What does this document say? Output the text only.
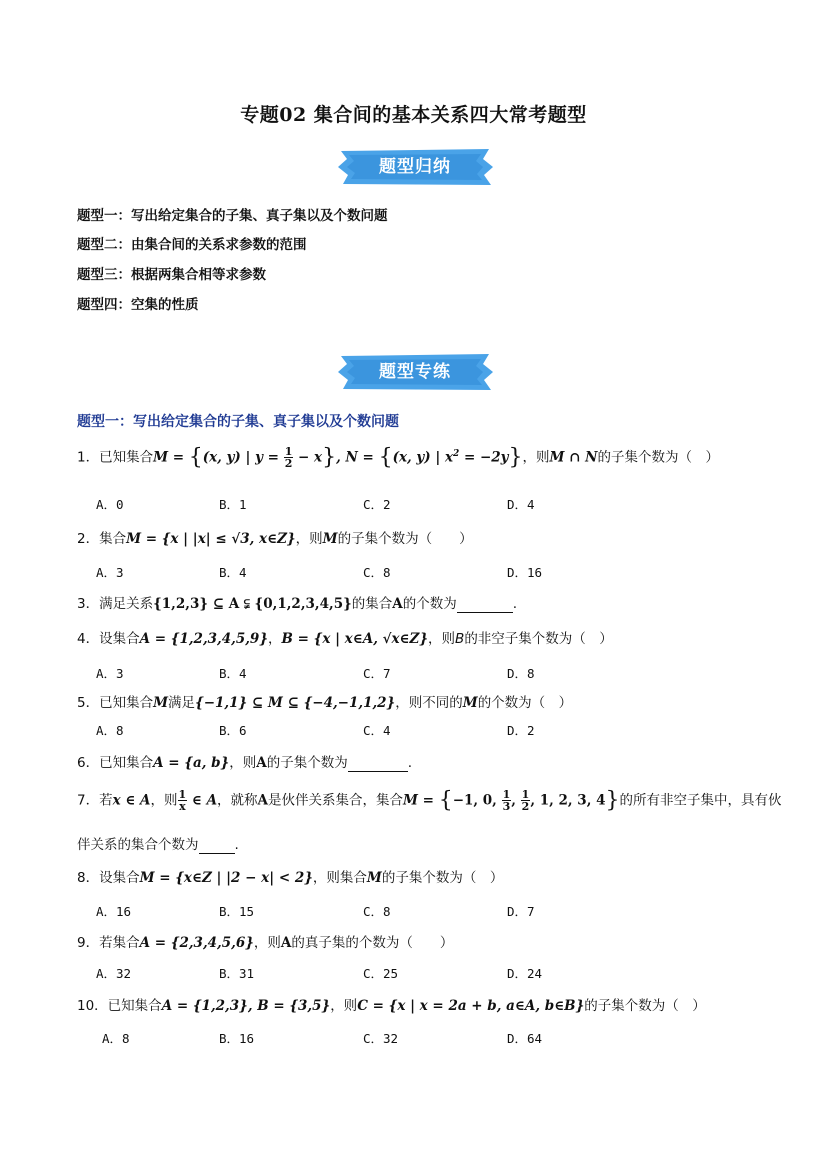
专题02 集合间的基本关系四大常考题型
题型归纳
题型一：写出给定集合的子集、真子集以及个数问题
题型二：由集合间的关系求参数的范围
题型三：根据两集合相等求参数
题型四：空集的性质
题型专练
题型一：写出给定集合的子集、真子集以及个数问题
1．已知集合M = {(x, y) | $y = \frac{1}{2} - x$}, N = {(x, y) | $x^2 = -2y$}，则M ∩ N的子集个数为（　）
A．0	B．1	C．2	D．4
2．集合M = {x | |x| ≤ √3, x∈Z}，则M的子集个数为（　　）
A．3	B．4	C．8	D．16
3．满足关系{1,2,3} ⊆ A ⫋ {0,1,2,3,4,5}的集合A的个数为	.
4．设集合A = {1,2,3,4,5,9}，B = {x | x∈A, √x∈Z}，则B的非空子集个数为（　）
A．3	B．4	C．7	D．8
5．已知集合M满足{−1,1} ⊆ M ⊆ {−4,−1,1,2}，则不同的M的个数为（　）
A．8	B．6	C．4	D．2
6．已知集合A = {a, b}，则A的子集个数为	.
7．若x ∈ A，则 $\frac{1}{x}$ ∈ A，就称A是伙伴关系集合，集合M = {−1, 0, $\frac{1}{3}$ , $\frac{1}{2}$ , 1, 2, 3, 4}的所有非空子集中，具有伙
伴关系的集合个数为	.
8．设集合M = {x∈Z | |2 − x| < 2}，则集合M的子集个数为（　）
A．16	B．15	C．8	D．7
9．若集合A = {2,3,4,5,6}，则A的真子集的个数为（　　）
A．32	B．31	C．25	D．24
10．已知集合A = {1,2,3}, B = {3,5}，则C = {x | x = 2a + b, a∈A, b∈B}的子集个数为（　）
A．8	B．16	C．32	D．64
